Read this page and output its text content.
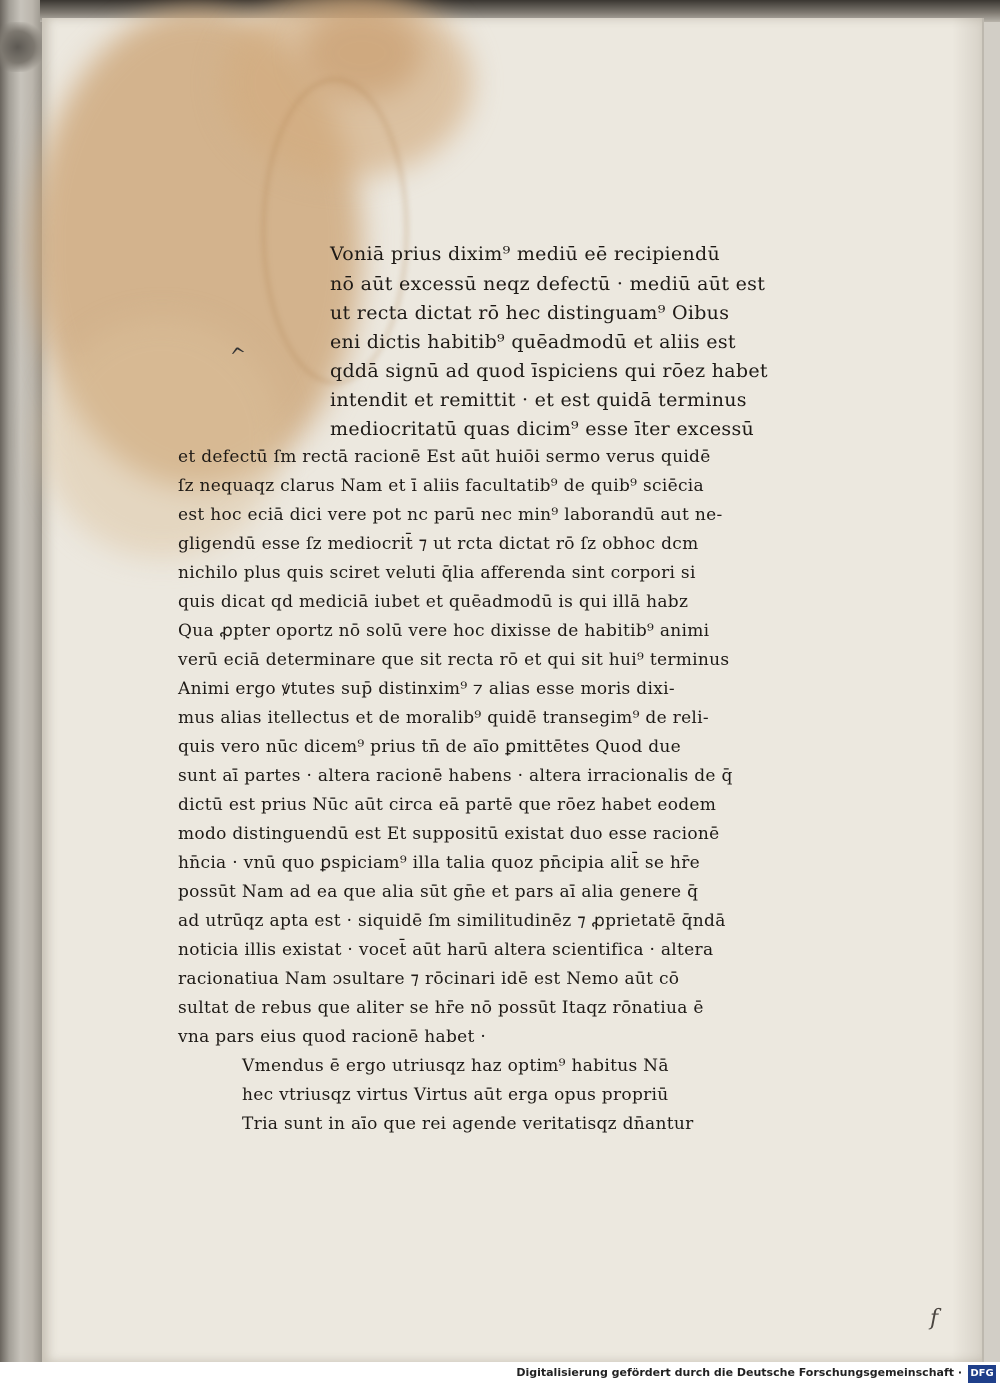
Voniā prius dixim⁹ mediū eē recipiendū
nō aūt excessū neqz defectū · mediū aūt est
ut recta dictat rō hec distinguam⁹ Oibus
eni dictis habitib⁹ quēadmodū et aliis est
qddā signū ad quod īspiciens qui rōez habet
intendit et remittit · et est quidā terminus
mediocritatū quas dicim⁹ esse īter excessū
et defectū ſm rectā racionē Est aūt huiōi sermo verus quidē
ſz nequaqz clarus Nam et ī aliis facultatib⁹ de quib⁹ sciēcia
est hoc eciā dici vere pot nc parū nec min⁹ laborandū aut ne-
gligendū esse ſz mediocrit̄ ⁊ ut rcta dictat rō ſz obhoc dcm
nichilo plus quis sciret veluti q̄lia afferenda sint corpori si
quis dicat qd mediciā iubet et quēadmodū is qui illā habz
Qua ꝓpter oportz nō solū vere hoc dixisse de habitib⁹ animi
verū eciā determinare que sit recta rō et qui sit hui⁹ terminus
Animi ergo ꝟtutes sup̄ distinxim⁹ ⁊ alias esse moris dixi-
mus alias itellectus et de moralib⁹ quidē transegim⁹ de reli-
quis vero nūc dicem⁹ prius tn̄ de aīo ꝑmittētes Quod due
sunt aī partes · altera racionē habens · altera irracionalis de q̄
dictū est prius Nūc aūt circa eā partē que rōez habet eodem
modo distinguendū est Et suppositū existat duo esse racionē
hn̄cia · vnū quo ꝑspiciam⁹ illa talia quoz pn̄cipia alit̄ se hr̄e
possūt Nam ad ea que alia sūt gn̄e et pars aī alia genere q̄
ad utrūqz apta est · siquidē ſm similitudinēz ⁊ ꝓprietatē q̄ndā
noticia illis existat · vocet̄ aūt harū altera scientifica · altera
racionatiua Nam ɔsultare ⁊ rōcinari idē est Nemo aūt cō
sultat de rebus que aliter se hr̄e nō possūt Itaqz rōnatiua ē
vna pars eius quod racionē habet ·
Vmendus ē ergo utriusqz haz optim⁹ habitus Nā
hec vtriusqz virtus Virtus aūt erga opus propriū
Tria sunt in aīo que rei agende veritatisqz dn̄antur
^
f
Digitalisierung gefördert durch die Deutsche Forschungsgemeinschaft · DFG
